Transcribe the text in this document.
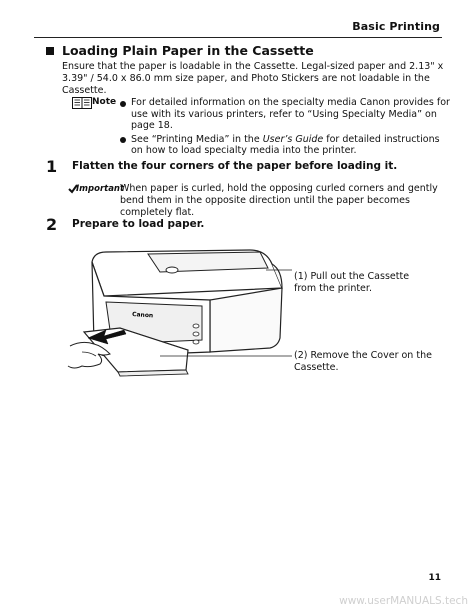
Basic Printing
Loading Plain Paper in the Cassette
Ensure that the paper is loadable in the Cassette. Legal-sized paper and 2.13" x 3.39" / 54.0 x 86.0 mm size paper, and Photo Stickers are not loadable in the Cassette.
Note	For detailed information on the specialty media Canon provides for use with its various printers, refer to “Using Specialty Media” on page 18.
See “Printing Media” in the User’s Guide for detailed instructions on how to load specialty media into the printer.
1 Flatten the four corners of the paper before loading it.
Important
When paper is curled, hold the opposing curled corners and gently bend them in the opposite direction until the paper becomes completely flat.
2 Prepare to load paper.
Canon
(1) Pull out the Cassette from the printer.
(2) Remove the Cover on the Cassette.
11
www.userMANUALS.tech
